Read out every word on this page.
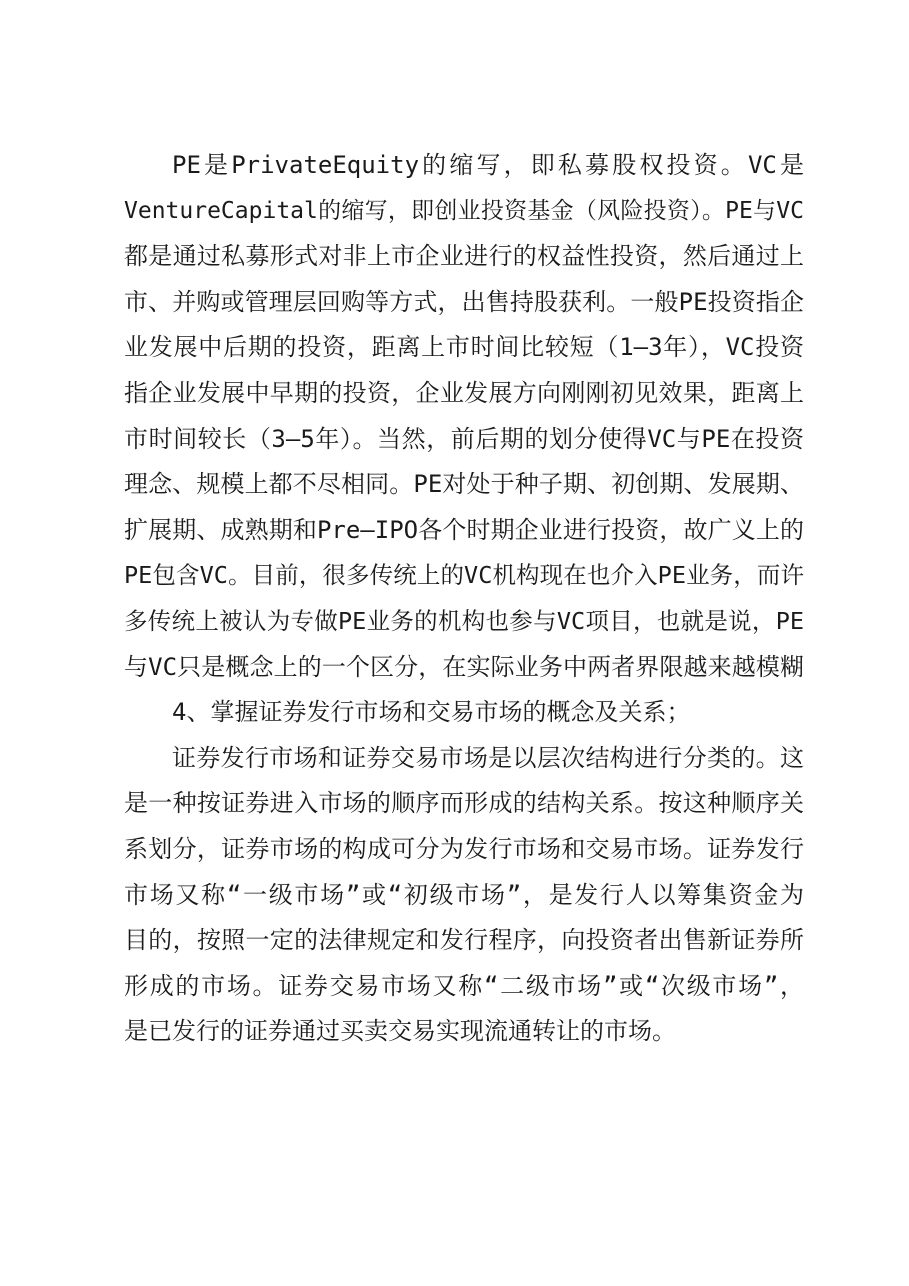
PE是PrivateEquity的缩写，即私募股权投资。VC是
VentureCapital的缩写，即创业投资基金（风险投资）。PE与VC
都是通过私募形式对非上市企业进行的权益性投资，然后通过上
市、并购或管理层回购等方式，出售持股获利。一般PE投资指企
业发展中后期的投资，距离上市时间比较短（1—3年），VC投资
指企业发展中早期的投资，企业发展方向刚刚初见效果，距离上
市时间较长（3—5年）。当然，前后期的划分使得VC与PE在投资
理念、规模上都不尽相同。PE对处于种子期、初创期、发展期、
扩展期、成熟期和Pre—IPO各个时期企业进行投资，故广义上的
PE包含VC。目前，很多传统上的VC机构现在也介入PE业务，而许
多传统上被认为专做PE业务的机构也参与VC项目，也就是说，PE
与VC只是概念上的一个区分，在实际业务中两者界限越来越模糊
4、掌握证券发行市场和交易市场的概念及关系；
证券发行市场和证券交易市场是以层次结构进行分类的。这
是一种按证券进入市场的顺序而形成的结构关系。按这种顺序关
系划分，证券市场的构成可分为发行市场和交易市场。证券发行
市场又称“一级市场”或“初级市场”，是发行人以筹集资金为
目的，按照一定的法律规定和发行程序，向投资者出售新证券所
形成的市场。证券交易市场又称“二级市场”或“次级市场”，
是已发行的证券通过买卖交易实现流通转让的市场。
